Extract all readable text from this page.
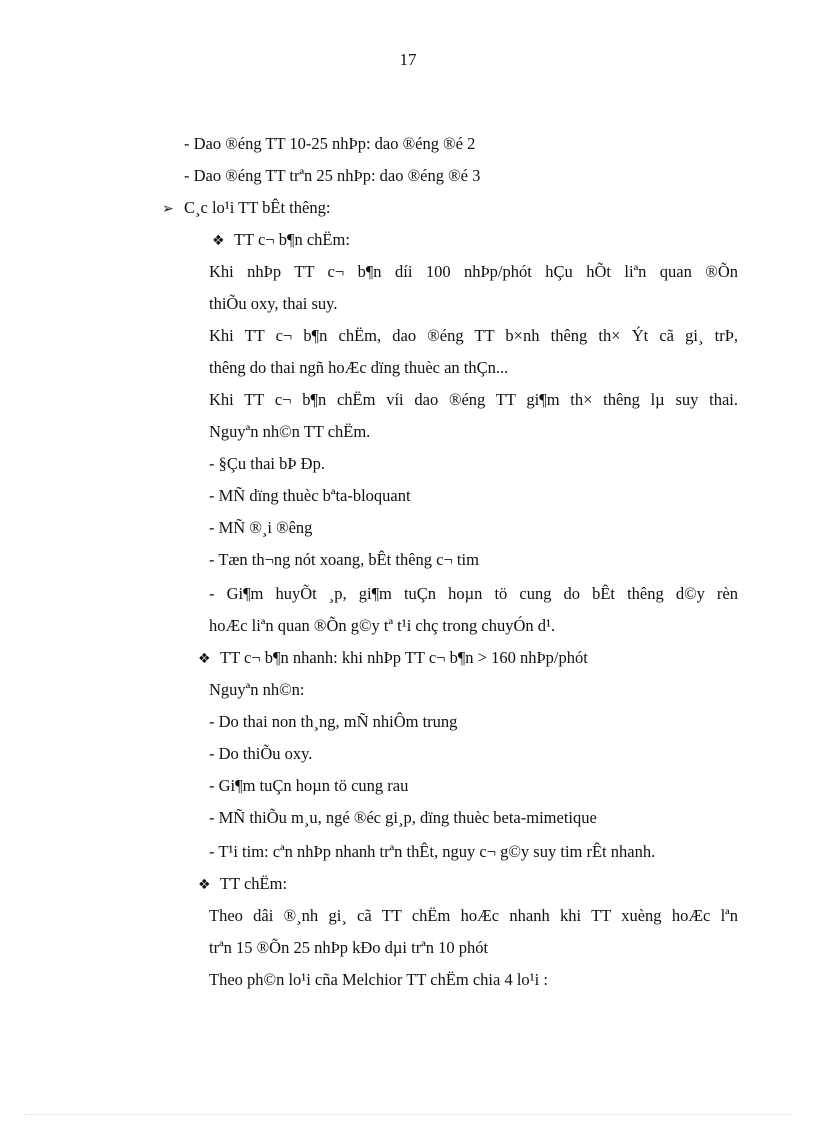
17
- Dao ®éng TT 10-25 nhÞp: dao ®éng ®é 2
- Dao ®éng TT trªn 25 nhÞp: dao ®éng ®é 3
➢ C¸c lo¹i TT bÊt thêng:
❖ TT c¬ b¶n chËm:
Khi nhÞp TT c¬ b¶n díi 100 nhÞp/phót hÇu hÕt liªn quan ®Õn
thiÕu oxy, thai suy.
Khi TT c¬ b¶n chËm, dao ®éng TT b×nh thêng th× Ýt cã gi¸ trÞ,
thêng do thai ngñ hoÆc dïng thuèc an thÇn...
Khi TT c¬ b¶n chËm víi dao ®éng TT gi¶m th× thêng lµ suy thai.
Nguyªn nh©n TT chËm.
- §Çu thai bÞ Ðp.
- MÑ dïng thuèc bªta-bloquant
- MÑ ®¸i ®êng
- Tæn th¬ng nót xoang, bÊt thêng c¬ tim
- Gi¶m huyÕt ¸p, gi¶m tuÇn hoµn tö cung do bÊt thêng d©y rèn
hoÆc liªn quan ®Õn g©y tª t¹i chç trong chuyÓn d¹.
❖ TT c¬ b¶n nhanh: khi nhÞp TT c¬ b¶n > 160 nhÞp/phót
Nguyªn nh©n:
- Do thai non th¸ng, mÑ nhiÔm trung
- Do thiÕu oxy.
- Gi¶m tuÇn hoµn tö cung rau
- MÑ thiÕu m¸u, ngé ®éc gi¸p, dïng thuèc beta-mimetique
- T¹i tim: cªn nhÞp nhanh trªn thÊt, nguy c¬ g©y suy tim rÊt nhanh.
❖ TT chËm:
Theo dâi ®¸nh gi¸ cã TT chËm hoÆc nhanh khi TT xuèng hoÆc lªn
trªn 15 ®Õn 25 nhÞp kÐo dµi trªn 10 phót
Theo ph©n lo¹i cña Melchior TT chËm chia 4 lo¹i :
